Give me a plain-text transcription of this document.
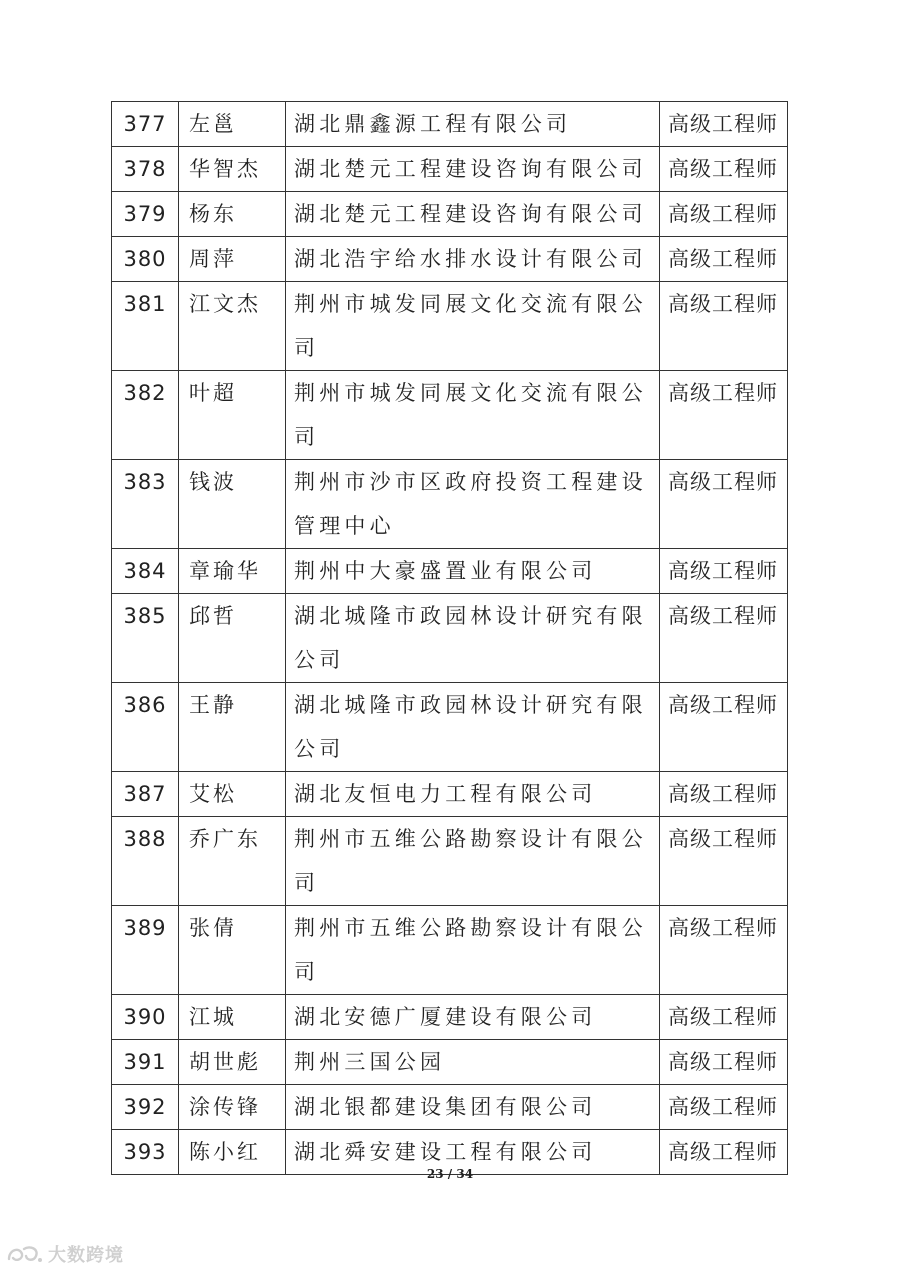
377	左邕	湖北鼎鑫源工程有限公司	高级工程师
378	华智杰	湖北楚元工程建设咨询有限公司	高级工程师
379	杨东	湖北楚元工程建设咨询有限公司	高级工程师
380	周萍	湖北浩宇给水排水设计有限公司	高级工程师
381	江文杰	荆州市城发同展文化交流有限公司	高级工程师
382	叶超	荆州市城发同展文化交流有限公司	高级工程师
383	钱波	荆州市沙市区政府投资工程建设管理中心	高级工程师
384	章瑜华	荆州中大豪盛置业有限公司	高级工程师
385	邱哲	湖北城隆市政园林设计研究有限公司	高级工程师
386	王静	湖北城隆市政园林设计研究有限公司	高级工程师
387	艾松	湖北友恒电力工程有限公司	高级工程师
388	乔广东	荆州市五维公路勘察设计有限公司	高级工程师
389	张倩	荆州市五维公路勘察设计有限公司	高级工程师
390	江城	湖北安德广厦建设有限公司	高级工程师
391	胡世彪	荆州三国公园	高级工程师
392	涂传锋	湖北银都建设集团有限公司	高级工程师
393	陈小红	湖北舜安建设工程有限公司	高级工程师
23 / 34
大数跨境
